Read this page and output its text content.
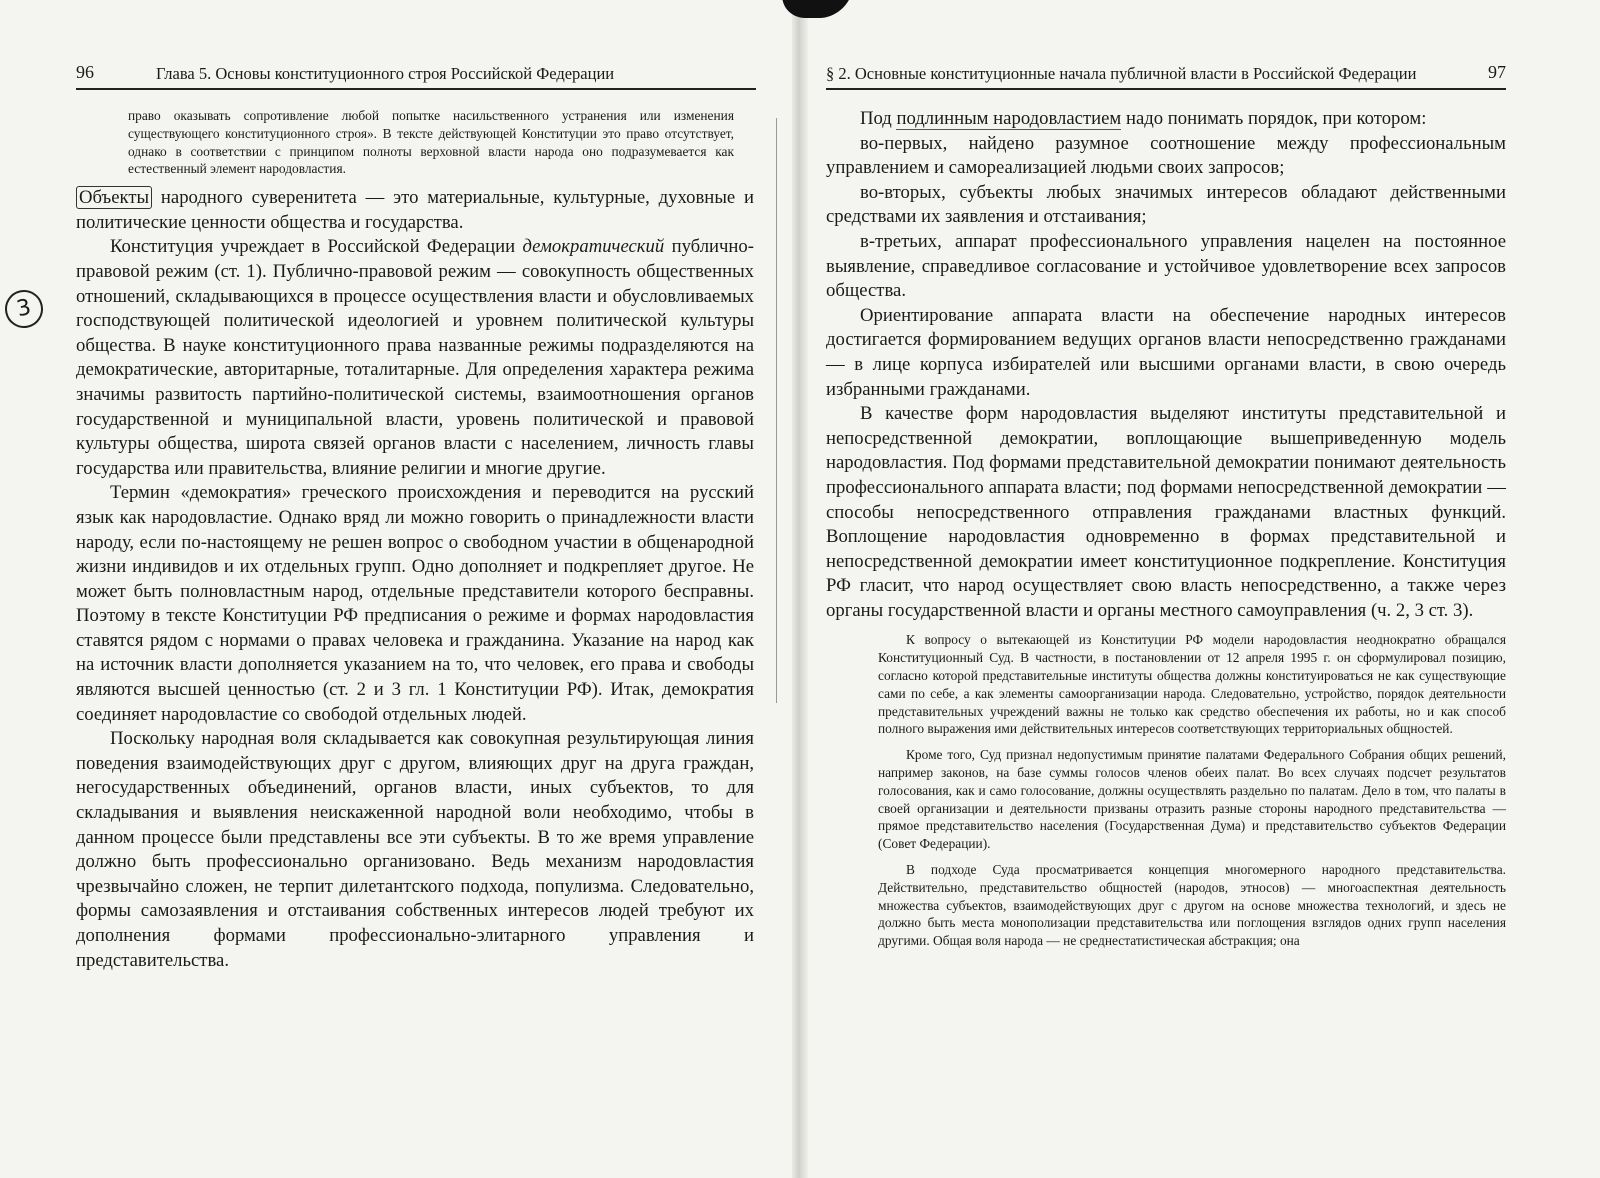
96	Глава 5. Основы конституционного строя Российской Федерации
3

право оказывать сопротивление любой попытке насильственного устранения или изменения существующего конституционного строя». В тексте действующей Конституции это право отсутствует, однако в соответствии с принципом полноты верховной власти народа оно подразумевается как естественный элемент народовластия.

Объекты народного суверенитета — это материальные, культурные, духовные и политические ценности общества и государства.

Конституция учреждает в Российской Федерации демократический публично-правовой режим (ст. 1). Публично-правовой режим — совокупность общественных отношений, складывающихся в процессе осуществления власти и обусловливаемых господствующей политической идеологией и уровнем политической культуры общества. В науке конституционного права названные режимы подразделяются на демократические, авторитарные, тоталитарные. Для определения характера режима значимы развитость партийно-политической системы, взаимоотношения органов государственной и муниципальной власти, уровень политической и правовой культуры общества, широта связей органов власти с населением, личность главы государства или правительства, влияние религии и многие другие.

Термин «демократия» греческого происхождения и переводится на русский язык как народовластие. Однако вряд ли можно говорить о принадлежности власти народу, если по-настоящему не решен вопрос о свободном участии в общенародной жизни индивидов и их отдельных групп. Одно дополняет и подкрепляет другое. Не может быть полновластным народ, отдельные представители которого бесправны. Поэтому в тексте Конституции РФ предписания о режиме и формах народовластия ставятся рядом с нормами о правах человека и гражданина. Указание на народ как на источник власти дополняется указанием на то, что человек, его права и свободы являются высшей ценностью (ст. 2 и 3 гл. 1 Конституции РФ). Итак, демократия соединяет народовластие со свободой отдельных людей.

Поскольку народная воля складывается как совокупная результирующая линия поведения взаимодействующих друг с другом, влияющих друг на друга граждан, негосударственных объединений, органов власти, иных субъектов, то для складывания и выявления неискаженной народной воли необходимо, чтобы в данном процессе были представлены все эти субъекты. В то же время управление должно быть профессионально организовано. Ведь механизм народовластия чрезвычайно сложен, не терпит дилетантского подхода, популизма. Следовательно, формы самозаявления и отстаивания собственных интересов людей требуют их дополнения формами профессионально-элитарного управления и представительства.

§ 2. Основные конституционные начала публичной власти в Российской Федерации	97

Под подлинным народовластием надо понимать порядок, при котором:

во-первых, найдено разумное соотношение между профессиональным управлением и самореализацией людьми своих запросов;

во-вторых, субъекты любых значимых интересов обладают действенными средствами их заявления и отстаивания;

в-третьих, аппарат профессионального управления нацелен на постоянное выявление, справедливое согласование и устойчивое удовлетворение всех запросов общества.

Ориентирование аппарата власти на обеспечение народных интересов достигается формированием ведущих органов власти непосредственно гражданами — в лице корпуса избирателей или высшими органами власти, в свою очередь избранными гражданами.

В качестве форм народовластия выделяют институты представительной и непосредственной демократии, воплощающие вышеприведенную модель народовластия. Под формами представительной демократии понимают деятельность профессионального аппарата власти; под формами непосредственной демократии — способы непосредственного отправления гражданами властных функций. Воплощение народовластия одновременно в формах представительной и непосредственной демократии имеет конституционное подкрепление. Конституция РФ гласит, что народ осуществляет свою власть непосредственно, а также через органы государственной власти и органы местного самоуправления (ч. 2, 3 ст. 3).

К вопросу о вытекающей из Конституции РФ модели народовластия неоднократно обращался Конституционный Суд. В частности, в постановлении от 12 апреля 1995 г. он сформулировал позицию, согласно которой представительные институты общества должны конституироваться не как существующие сами по себе, а как элементы самоорганизации народа. Следовательно, устройство, порядок деятельности представительных учреждений важны не только как средство обеспечения их работы, но и как способ полного выражения ими действительных интересов соответствующих территориальных общностей.

Кроме того, Суд признал недопустимым принятие палатами Федерального Собрания общих решений, например законов, на базе суммы голосов членов обеих палат. Во всех случаях подсчет результатов голосования, как и само голосование, должны осуществлять раздельно по палатам. Дело в том, что палаты в своей организации и деятельности призваны отразить разные стороны народного представительства — прямое представительство населения (Государственная Дума) и представительство субъектов Федерации (Совет Федерации).

В подходе Суда просматривается концепция многомерного народного представительства. Действительно, представительство общностей (народов, этносов) — многоаспектная деятельность множества субъектов, взаимодействующих друг с другом на основе множества технологий, и здесь не должно быть места монополизации представительства или поглощения взглядов одних групп населения другими. Общая воля народа — не среднестатистическая абстракция; она
